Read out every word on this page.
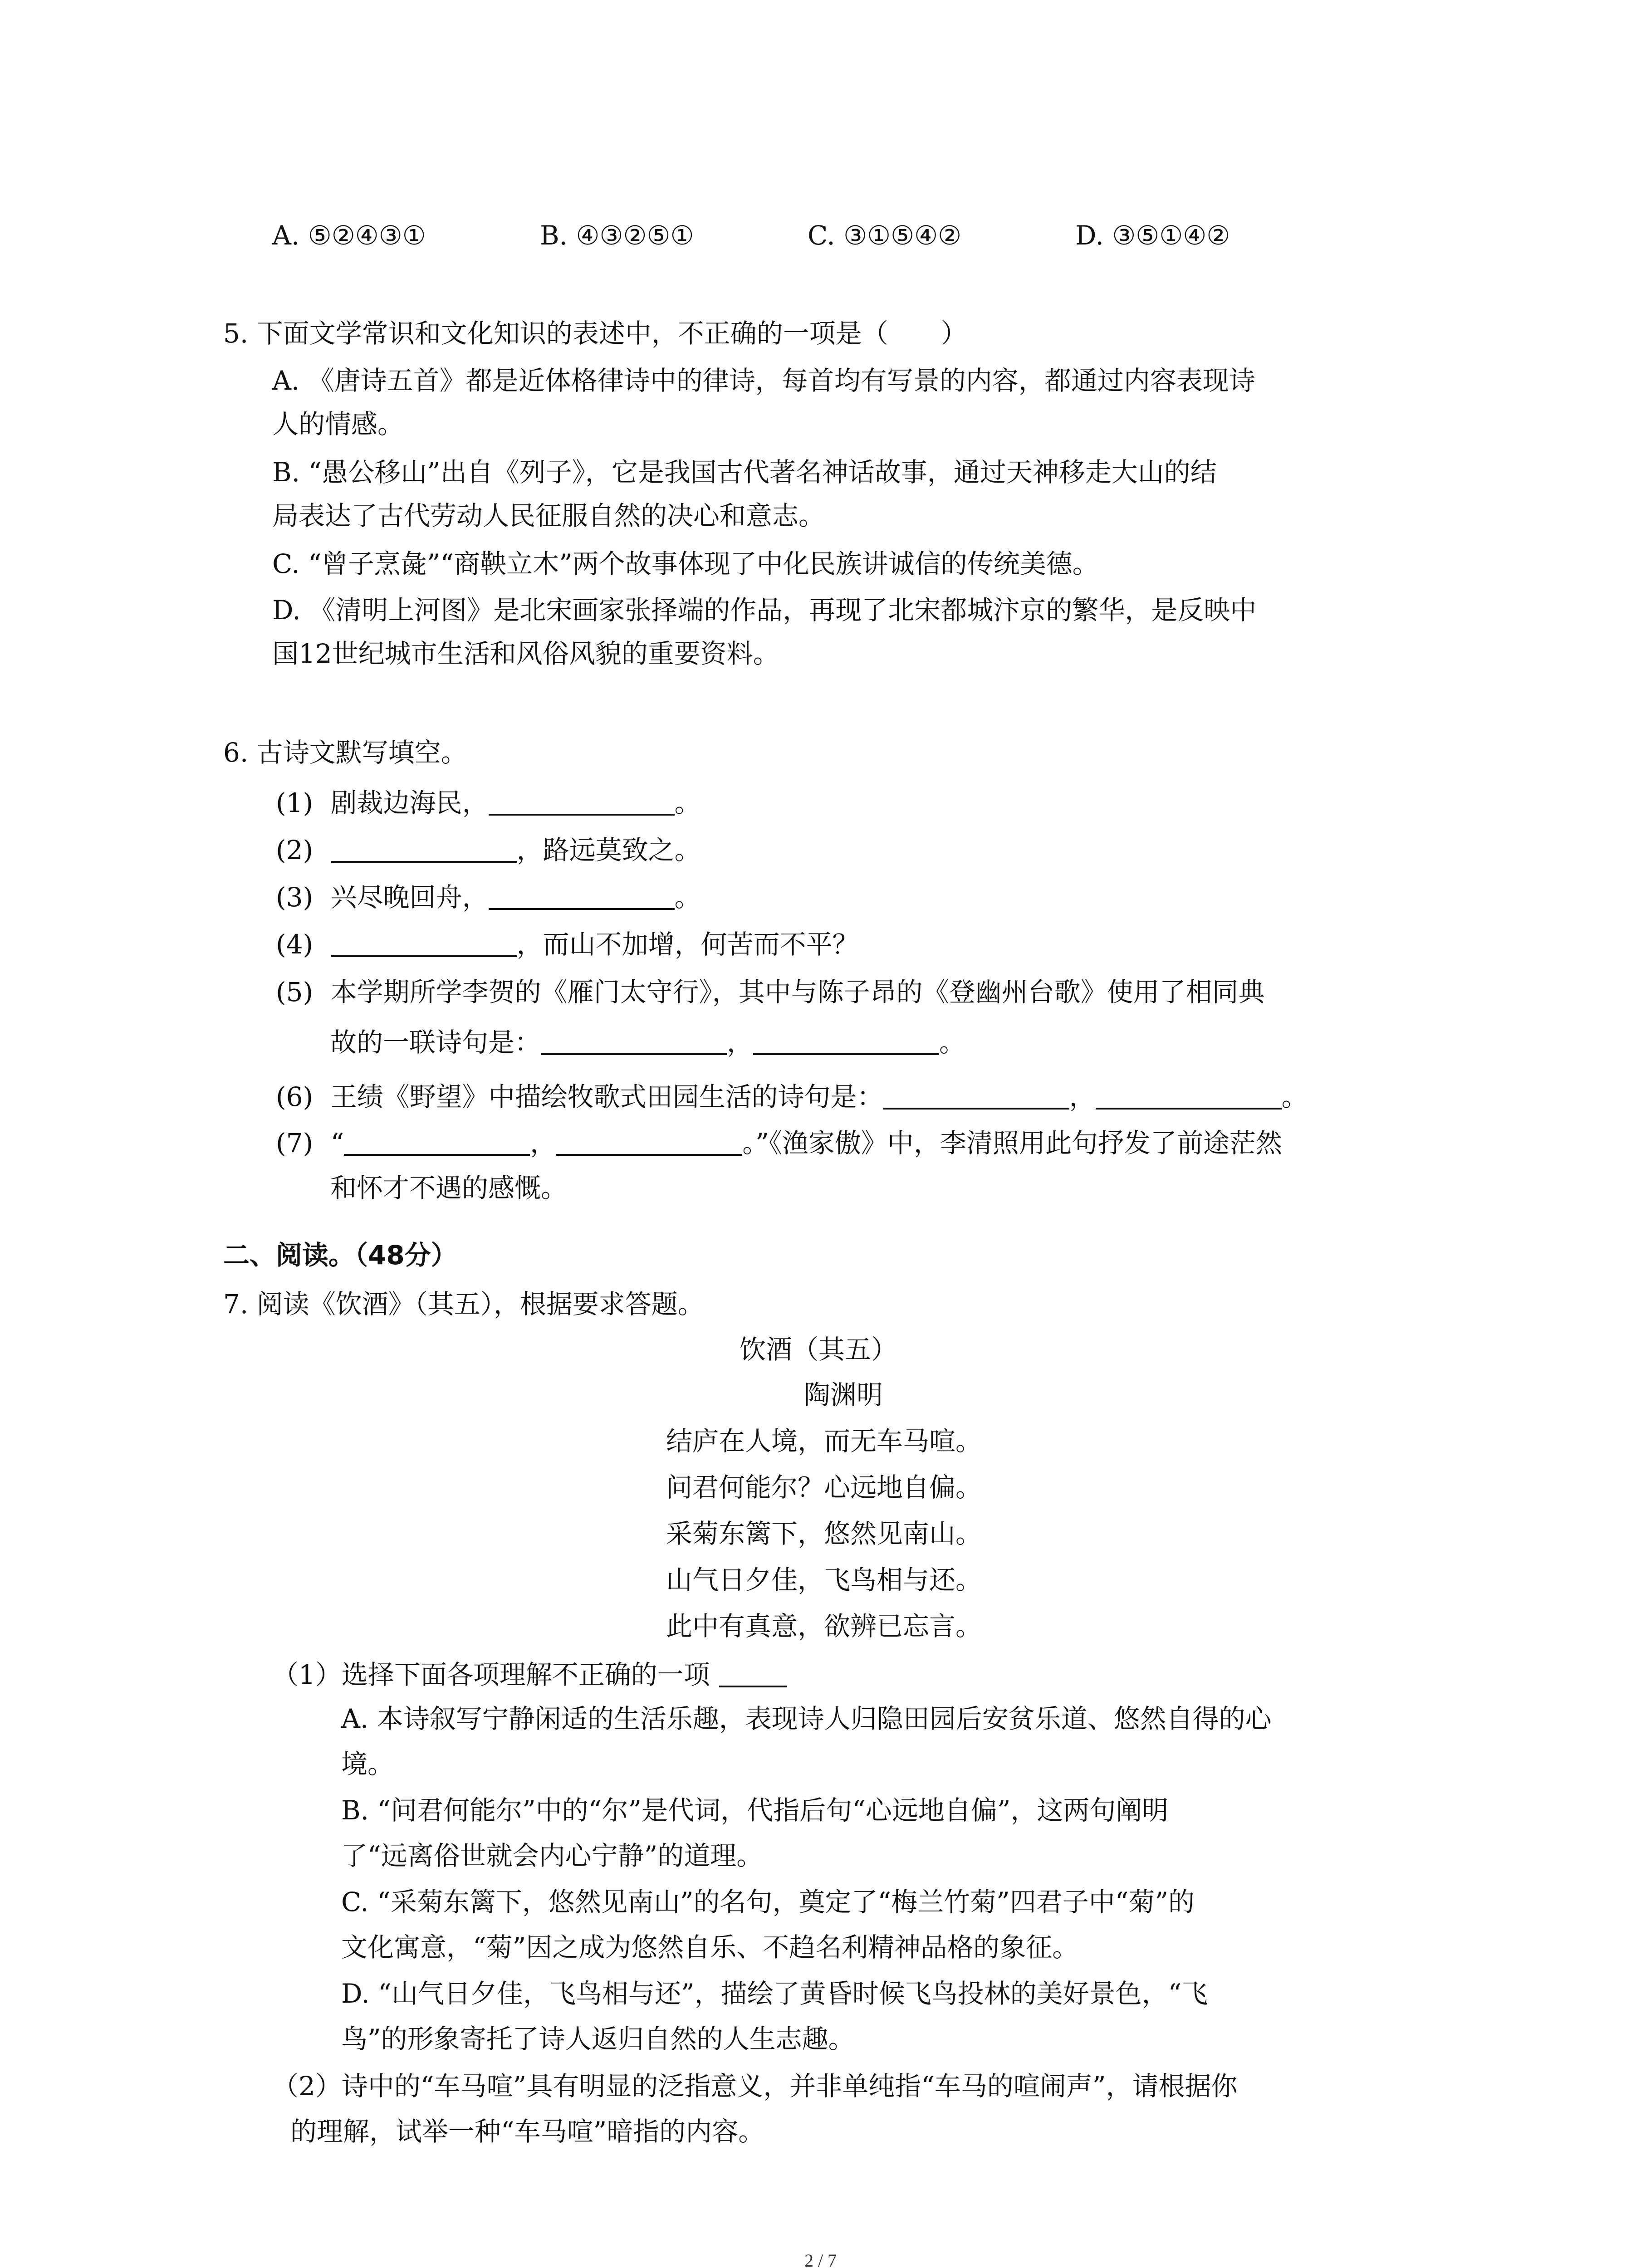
A. ⑤②④③①	B. ④③②⑤①	C. ③①⑤④②	D. ③⑤①④②
5. 下面文学常识和文化知识的表述中，不正确的一项是（　　）
A. 《唐诗五首》都是近体格律诗中的律诗，每首均有写景的内容，都通过内容表现诗
人的情感。
B. “愚公移山”出自《列子》，它是我国古代著名神话故事，通过天神移走大山的结
局表达了古代劳动人民征服自然的决心和意志。
C. “曾子烹彘”“商鞅立木”两个故事体现了中化民族讲诚信的传统美德。
D. 《清明上河图》是北宋画家张择端的作品，再现了北宋都城汴京的繁华，是反映中
国12世纪城市生活和风俗风貌的重要资料。
6. 古诗文默写填空。
(1) 剧裁边海民，	。
(2)	，路远莫致之。
(3) 兴尽晚回舟，	。
(4)	，而山不加增，何苦而不平？
(5) 本学期所学李贺的《雁门太守行》，其中与陈子昂的《登幽州台歌》使用了相同典
故的一联诗句是：	，	。
(6) 王绩《野望》中描绘牧歌式田园生活的诗句是：	，	。
(7) “	，	。”《渔家傲》中，李清照用此句抒发了前途茫然
和怀才不遇的感慨。
二、阅读。（48分）
7. 阅读《饮酒》（其五），根据要求答题。
饮酒（其五）
陶渊明
结庐在人境，而无车马喧。
问君何能尔？心远地自偏。
采菊东篱下，悠然见南山。
山气日夕佳，飞鸟相与还。
此中有真意，欲辨已忘言。
（1）选择下面各项理解不正确的一项
A. 本诗叙写宁静闲适的生活乐趣，表现诗人归隐田园后安贫乐道、悠然自得的心
境。
B. “问君何能尔”中的“尔”是代词，代指后句“心远地自偏”，这两句阐明
了“远离俗世就会内心宁静”的道理。
C. “采菊东篱下，悠然见南山”的名句，奠定了“梅兰竹菊”四君子中“菊”的
文化寓意，“菊”因之成为悠然自乐、不趋名利精神品格的象征。
D. “山气日夕佳，飞鸟相与还”，描绘了黄昏时候飞鸟投林的美好景色，“飞
鸟”的形象寄托了诗人返归自然的人生志趣。
（2）诗中的“车马喧”具有明显的泛指意义，并非单纯指“车马的喧闹声”，请根据你
的理解，试举一种“车马喧”暗指的内容。
2 / 7
